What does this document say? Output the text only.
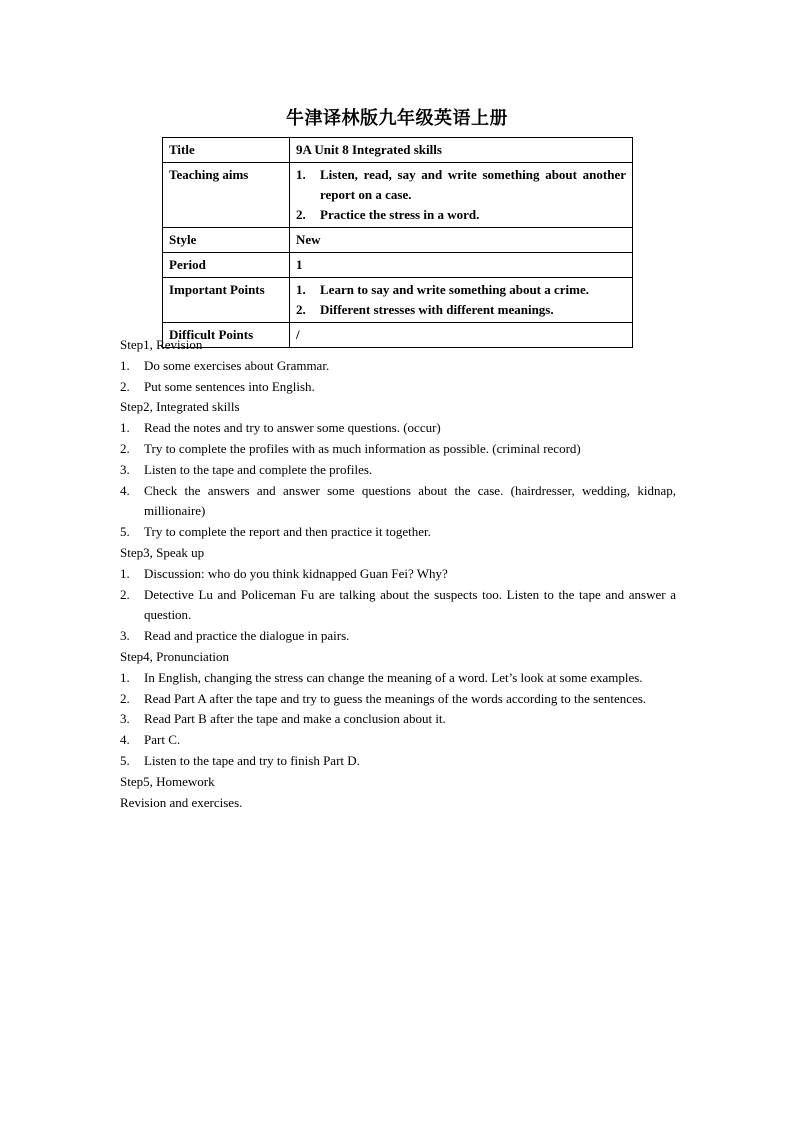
牛津译林版九年级英语上册
Title	9A Unit 8 Integrated skills
Teaching aims	1. Listen, read, say and write something about another report on a case.
2. Practice the stress in a word.

Style	New
Period	1
Important Points	1. Learn to say and write something about a crime.
2. Different stresses with different meanings.

Difficult Points	/
Step1, Revision
1.	Do some exercises about Grammar.
2.	Put some sentences into English.
Step2, Integrated skills
1.	Read the notes and try to answer some questions. (occur)
2.	Try to complete the profiles with as much information as possible. (criminal record)
3.	Listen to the tape and complete the profiles.
4.	Check the answers and answer some questions about the case. (hairdresser, wedding, kidnap, millionaire)
5.	Try to complete the report and then practice it together.
Step3, Speak up
1.	Discussion: who do you think kidnapped Guan Fei? Why?
2.	Detective Lu and Policeman Fu are talking about the suspects too. Listen to the tape and answer a question.
3.	Read and practice the dialogue in pairs.
Step4, Pronunciation
1.	In English, changing the stress can change the meaning of a word. Let’s look at some examples.
2.	Read Part A after the tape and try to guess the meanings of the words according to the sentences.
3.	Read Part B after the tape and make a conclusion about it.
4.	Part C.
5.	Listen to the tape and try to finish Part D.
Step5, Homework
Revision and exercises.
